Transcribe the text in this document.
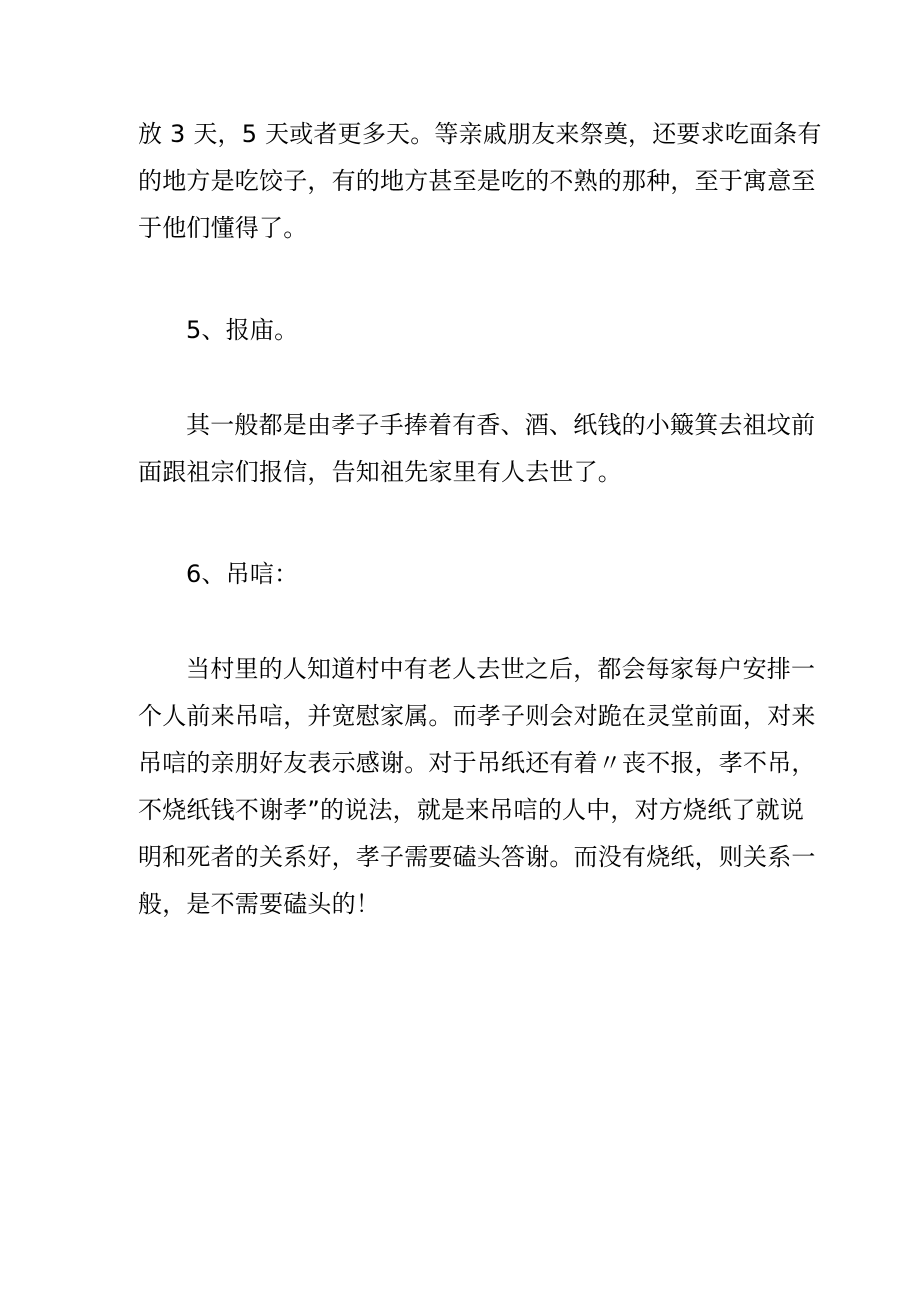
放 3 天，5 天或者更多天。等亲戚朋友来祭奠，还要求吃面条有
的地方是吃饺子，有的地方甚至是吃的不熟的那种，至于寓意至
于他们懂得了。
5、报庙。
其一般都是由孝子手捧着有香、酒、纸钱的小簸箕去祖坟前
面跟祖宗们报信，告知祖先家里有人去世了。
6、吊唁：
当村里的人知道村中有老人去世之后，都会每家每户安排一
个人前来吊唁，并宽慰家属。而孝子则会对跪在灵堂前面，对来
吊唁的亲朋好友表示感谢。对于吊纸还有着〃丧不报，孝不吊，
不烧纸钱不谢孝”的说法，就是来吊唁的人中，对方烧纸了就说
明和死者的关系好，孝子需要磕头答谢。而没有烧纸，则关系一
般，是不需要磕头的！
